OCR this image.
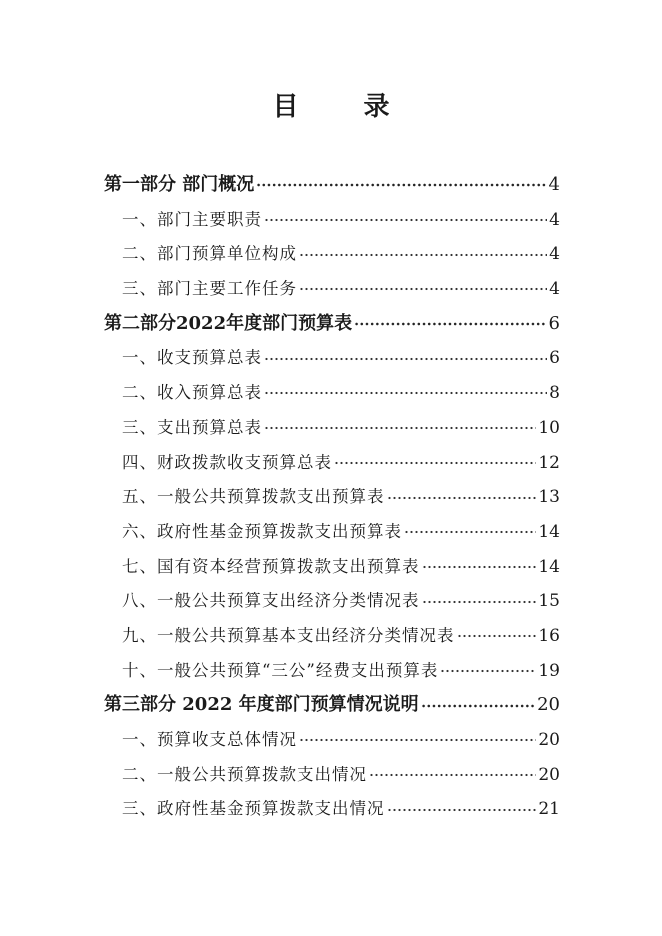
目 录
第一部分 部门概况	4
一、部门主要职责	4
二、部门预算单位构成	4
三、部门主要工作任务	4
第二部分2022年度部门预算表	6
一、收支预算总表	6
二、收入预算总表	8
三、支出预算总表	10
四、财政拨款收支预算总表	12
五、一般公共预算拨款支出预算表	13
六、政府性基金预算拨款支出预算表	14
七、国有资本经营预算拨款支出预算表	14
八、一般公共预算支出经济分类情况表	15
九、一般公共预算基本支出经济分类情况表	16
十、一般公共预算“三公”经费支出预算表	19
第三部分 2022 年度部门预算情况说明	20
一、预算收支总体情况	20
二、一般公共预算拨款支出情况	20
三、政府性基金预算拨款支出情况	21
